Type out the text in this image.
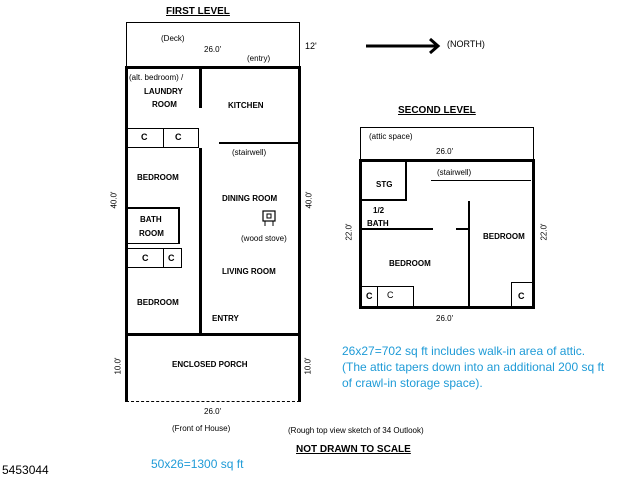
FIRST LEVEL
(Deck)
26.0'	12'
(entry)
(alt. bedroom) /
LAUNDRY
ROOM	KITCHEN
C	C
(stairwell)
BEDROOM
DINING ROOM
BATH
ROOM
(wood stove)
C C
LIVING ROOM
BEDROOM
ENTRY
40.0'	40.0'
ENCLOSED PORCH
10.0'	10.0'
26.0'
(Front of House)
(NORTH)
SECOND LEVEL
(attic space)
26.0'
STG
(stairwell)
1/2
BATH
BEDROOM
BEDROOM
C C	C
22.0'	22.0'
26.0'
26x27=702 sq ft includes walk-in area of attic.
(The attic tapers down into an additional 200 sq ft
of crawl-in storage space).
(Rough top view sketch of 34 Outlook)
NOT DRAWN TO SCALE
50x26=1300 sq ft
5453044
